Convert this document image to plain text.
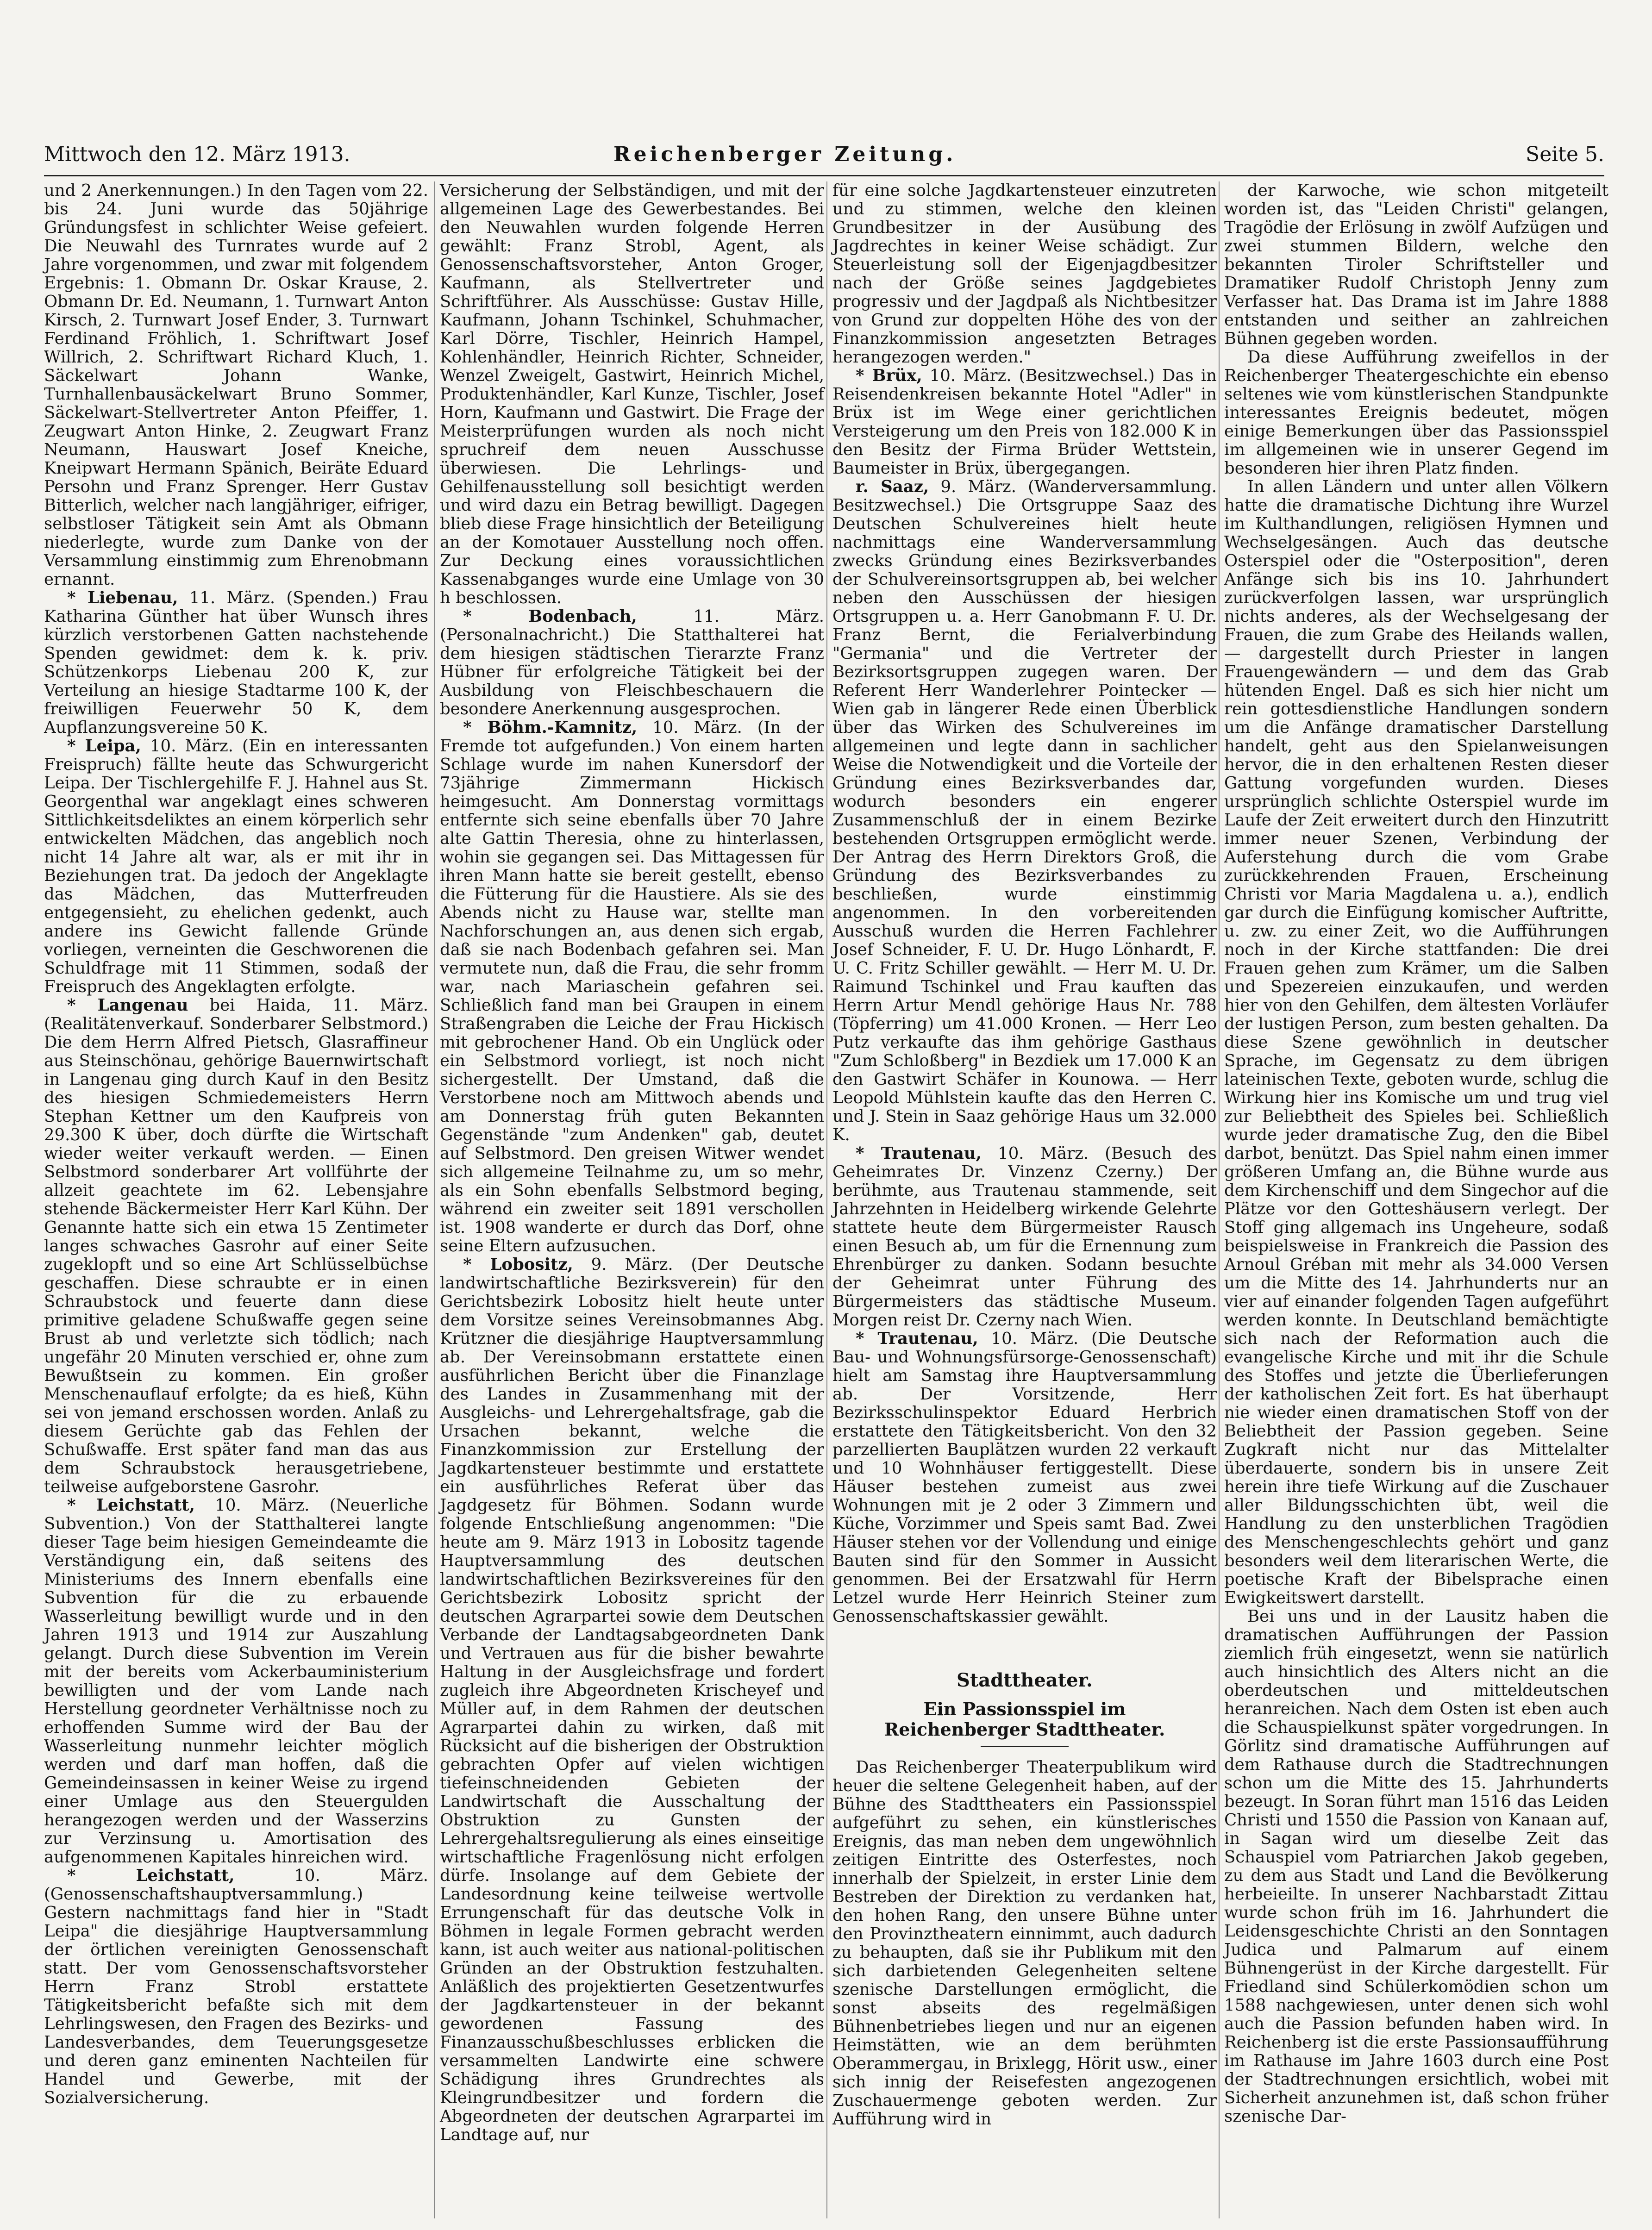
Mittwoch den 12. März 1913.	Reichenberger Zeitung.	Seite 5.

und 2 Anerkennungen.) In den Tagen vom 22. bis 24. Juni wurde das 50jährige Gründungsfest in schlichter Weise gefeiert. Die Neuwahl des Turnrates wurde auf 2 Jahre vorgenommen, und zwar mit folgendem Ergebnis: 1. Obmann Dr. Oskar Krause, 2. Obmann Dr. Ed. Neumann, 1. Turnwart Anton Kirsch, 2. Turnwart Josef Ender, 3. Turnwart Ferdinand Fröhlich, 1. Schriftwart Josef Willrich, 2. Schriftwart Richard Kluch, 1. Säckelwart Johann Wanke, Turnhallenbausäckelwart Bruno Sommer, Säckelwart-Stellvertreter Anton Pfeiffer, 1. Zeugwart Anton Hinke, 2. Zeugwart Franz Neumann, Hauswart Josef Kneiche, Kneipwart Hermann Spänich, Beiräte Eduard Persohn und Franz Sprenger. Herr Gustav Bitterlich, welcher nach langjähriger, eifriger, selbstloser Tätigkeit sein Amt als Obmann niederlegte, wurde zum Danke von der Versammlung einstimmig zum Ehrenobmann ernannt.

* Liebenau, 11. März. (Spenden.) Frau Katharina Günther hat über Wunsch ihres kürzlich verstorbenen Gatten nachstehende Spenden gewidmet: dem k. k. priv. Schützenkorps Liebenau 200 K, zur Verteilung an hiesige Stadtarme 100 K, der freiwilligen Feuerwehr 50 K, dem Aupflanzungsvereine 50 K.

* Leipa, 10. März. (Ein en interessanten Freispruch) fällte heute das Schwurgericht Leipa. Der Tischlergehilfe F. J. Hahnel aus St. Georgenthal war angeklagt eines schweren Sittlichkeitsdeliktes an einem körperlich sehr entwickelten Mädchen, das angeblich noch nicht 14 Jahre alt war, als er mit ihr in Beziehungen trat. Da jedoch der Angeklagte das Mädchen, das Mutterfreuden entgegensieht, zu ehelichen gedenkt, auch andere ins Gewicht fallende Gründe vorliegen, verneinten die Geschworenen die Schuldfrage mit 11 Stimmen, sodaß der Freispruch des Angeklagten erfolgte.

* Langenau bei Haida, 11. März. (Realitätenverkauf. Sonderbarer Selbstmord.) Die dem Herrn Alfred Pietsch, Glasraffineur aus Steinschönau, gehörige Bauernwirtschaft in Langenau ging durch Kauf in den Besitz des hiesigen Schmiedemeisters Herrn Stephan Kettner um den Kaufpreis von 29.300 K über, doch dürfte die Wirtschaft wieder weiter verkauft werden. — Einen Selbstmord sonderbarer Art vollführte der allzeit geachtete im 62. Lebensjahre stehende Bäckermeister Herr Karl Kühn. Der Genannte hatte sich ein etwa 15 Zentimeter langes schwaches Gasrohr auf einer Seite zugeklopft und so eine Art Schlüsselbüchse geschaffen. Diese schraubte er in einen Schraubstock und feuerte dann diese primitive geladene Schußwaffe gegen seine Brust ab und verletzte sich tödlich; nach ungefähr 20 Minuten verschied er, ohne zum Bewußtsein zu kommen. Ein großer Menschenauflauf erfolgte; da es hieß, Kühn sei von jemand erschossen worden. Anlaß zu diesem Gerüchte gab das Fehlen der Schußwaffe. Erst später fand man das aus dem Schraubstock herausgetriebene, teilweise aufgeborstene Gasrohr.

* Leichstatt, 10. März. (Neuerliche Subvention.) Von der Statthalterei langte dieser Tage beim hiesigen Gemeindeamte die Verständigung ein, daß seitens des Ministeriums des Innern ebenfalls eine Subvention für die zu erbauende Wasserleitung bewilligt wurde und in den Jahren 1913 und 1914 zur Auszahlung gelangt. Durch diese Subvention im Verein mit der bereits vom Ackerbauministerium bewilligten und der vom Lande nach Herstellung geordneter Verhältnisse noch zu erhoffenden Summe wird der Bau der Wasserleitung nunmehr leichter möglich werden und darf man hoffen, daß die Gemeindeinsassen in keiner Weise zu irgend einer Umlage aus den Steuergulden herangezogen werden und der Wasserzins zur Verzinsung u. Amortisation des aufgenommenen Kapitales hinreichen wird.

* Leichstatt,	10. März. (Genossenschaftshauptversammlung.) Gestern nachmittags fand hier in "Stadt Leipa" die diesjährige Hauptversammlung der örtlichen vereinigten Genossenschaft statt. Der vom Genossenschaftsvorsteher Herrn Franz Strobl erstattete Tätigkeitsbericht befaßte sich mit dem Lehrlingswesen, den Fragen des Bezirks- und Landesverbandes, dem Teuerungsgesetze und deren ganz eminenten Nachteilen für Handel und Gewerbe, mit der Sozialversicherung.

Versicherung der Selbständigen, und mit der allgemeinen Lage des Gewerbestandes. Bei den Neuwahlen wurden folgende Herren gewählt: Franz Strobl, Agent, als Genossenschaftsvorsteher, Anton Groger, Kaufmann, als Stellvertreter und Schriftführer. Als Ausschüsse: Gustav Hille, Kaufmann, Johann Tschinkel, Schuhmacher, Karl Dörre, Tischler, Heinrich Hampel, Kohlenhändler, Heinrich Richter, Schneider, Wenzel Zweigelt, Gastwirt, Heinrich Michel, Produktenhändler, Karl Kunze, Tischler, Josef Horn, Kaufmann und Gastwirt. Die Frage der Meisterprüfungen wurden als noch nicht spruchreif dem neuen Ausschusse überwiesen. Die Lehrlings- und Gehilfenausstellung soll besichtigt werden und wird dazu ein Betrag bewilligt. Dagegen blieb diese Frage hinsichtlich der Beteiligung an der Komotauer Ausstellung noch offen. Zur Deckung eines voraussichtlichen Kassenabganges wurde eine Umlage von 30 h beschlossen.

* Bodenbach,	11. März. (Personalnachricht.) Die Statthalterei hat dem hiesigen städtischen Tierarzte Franz Hübner für erfolgreiche Tätigkeit bei der Ausbildung von Fleischbeschauern die besondere Anerkennung ausgesprochen.

* Böhm.-Kamnitz, 10. März. (In der Fremde tot aufgefunden.) Von einem harten Schlage wurde im nahen Kunersdorf der 73jährige Zimmermann Hickisch heimgesucht. Am Donnerstag vormittags entfernte sich seine ebenfalls über 70 Jahre alte Gattin Theresia, ohne zu hinterlassen, wohin sie gegangen sei. Das Mittagessen für ihren Mann hatte sie bereit gestellt, ebenso die Fütterung für die Haustiere. Als sie des Abends nicht zu Hause war, stellte man Nachforschungen an, aus denen sich ergab, daß sie nach Bodenbach gefahren sei. Man vermutete nun, daß die Frau, die sehr fromm war, nach Mariaschein gefahren sei. Schließlich fand man bei Graupen in einem Straßengraben die Leiche der Frau Hickisch mit gebrochener Hand. Ob ein Unglück oder ein Selbstmord vorliegt, ist noch nicht sichergestellt. Der Umstand, daß die Verstorbene noch am Mittwoch abends und am Donnerstag früh guten Bekannten Gegenstände "zum Andenken" gab, deutet auf Selbstmord. Den greisen Witwer wendet sich allgemeine Teilnahme zu, um so mehr, als ein Sohn ebenfalls Selbstmord beging, während ein zweiter seit 1891 verschollen ist. 1908 wanderte er durch das Dorf, ohne seine Eltern aufzusuchen.

* Lobositz, 9. März. (Der Deutsche landwirtschaftliche Bezirksverein) für den Gerichtsbezirk Lobositz hielt heute unter dem Vorsitze seines Vereinsobmannes Abg. Krützner die diesjährige Hauptversammlung ab. Der Vereinsobmann erstattete einen ausführlichen Bericht über die Finanzlage des Landes in Zusammenhang mit der Ausgleichs- und Lehrergehaltsfrage, gab die Ursachen bekannt, welche die Finanzkommission zur Erstellung der Jagdkartensteuer bestimmte und erstattete ein ausführliches Referat über das Jagdgesetz für Böhmen. Sodann wurde folgende Entschließung angenommen: "Die heute am 9. März 1913 in Lobositz tagende Hauptversammlung des deutschen landwirtschaftlichen Bezirksvereines für den Gerichtsbezirk Lobositz spricht der deutschen Agrarpartei sowie dem Deutschen Verbande der Landtagsabgeordneten Dank und Vertrauen aus für die bisher bewahrte Haltung in der Ausgleichsfrage und fordert zugleich ihre Abgeordneten Krischeyef und Müller auf, in dem Rahmen der deutschen Agrarpartei dahin zu wirken, daß mit Rücksicht auf die bisherigen der Obstruktion gebrachten Opfer auf vielen wichtigen tiefeinschneidenden Gebieten der Landwirtschaft die Ausschaltung der Obstruktion zu Gunsten der Lehrergehaltsregulierung als eines einseitige wirtschaftliche Fragenlösung nicht erfolgen dürfe. Insolange auf dem Gebiete der Landesordnung keine teilweise wertvolle Errungenschaft für das deutsche Volk in Böhmen in legale Formen gebracht werden kann, ist auch weiter aus national-politischen Gründen an der Obstruktion festzuhalten. Anläßlich des projektierten Gesetzentwurfes der Jagdkartensteuer in der bekannt gewordenen Fassung des Finanzausschußbeschlusses erblicken die versammelten Landwirte eine schwere Schädigung ihres Grundrechtes als Kleingrundbesitzer und fordern die Abgeordneten der deutschen Agrarpartei im Landtage auf, nur

für eine solche Jagdkartensteuer einzutreten und zu stimmen, welche den kleinen Grundbesitzer in der Ausübung des Jagdrechtes in keiner Weise schädigt. Zur Steuerleistung soll der Eigenjagdbesitzer nach der Größe seines Jagdgebietes progressiv und der Jagdpaß als Nichtbesitzer von Grund zur doppelten Höhe des von der Finanzkommission angesetzten Betrages herangezogen werden."

* Brüx, 10. März. (Besitzwechsel.) Das in Reisendenkreisen bekannte Hotel "Adler" in Brüx ist im Wege einer gerichtlichen Versteigerung um den Preis von 182.000 K in den Besitz der Firma Brüder Wettstein, Baumeister in Brüx, übergegangen.

r. Saaz, 9. März. (Wanderversammlung. Besitzwechsel.) Die Ortsgruppe Saaz des Deutschen Schulvereines hielt heute nachmittags eine Wanderversammlung zwecks Gründung eines Bezirksverbandes der Schulvereinsortsgruppen ab, bei welcher neben den Ausschüssen der hiesigen Ortsgruppen u. a. Herr Ganobmann F. U. Dr. Franz Bernt, die Ferialverbindung "Germania" und die Vertreter der Bezirksortsgruppen zugegen waren. Der Referent Herr Wanderlehrer Pointecker — Wien gab in längerer Rede einen Überblick über das Wirken des Schulvereines im allgemeinen und legte dann in sachlicher Weise die Notwendigkeit und die Vorteile der Gründung eines Bezirksverbandes dar, wodurch besonders ein engerer Zusammenschluß der in einem Bezirke bestehenden Ortsgruppen ermöglicht werde. Der Antrag des Herrn Direktors Groß, die Gründung des Bezirksverbandes zu beschließen, wurde einstimmig angenommen. In den vorbereitenden Ausschuß wurden die Herren Fachlehrer Josef Schneider, F. U. Dr. Hugo Lönhardt, F. U. C. Fritz Schiller gewählt. — Herr M. U. Dr. Raimund Tschinkel und Frau kauften das Herrn Artur Mendl gehörige Haus Nr. 788 (Töpferring) um 41.000 Kronen. — Herr Leo Putz verkaufte das ihm gehörige Gasthaus "Zum Schloßberg" in Bezdiek um 17.000 K an den Gastwirt Schäfer in Kounowa. — Herr Leopold Mühlstein kaufte das den Herren C. und J. Stein in Saaz gehörige Haus um 32.000 K.

* Trautenau, 10. März. (Besuch des Geheimrates Dr. Vinzenz Czerny.) Der berühmte, aus Trautenau stammende, seit Jahrzehnten in Heidelberg wirkende Gelehrte stattete heute dem Bürgermeister Rausch einen Besuch ab, um für die Ernennung zum Ehrenbürger zu danken. Sodann besuchte der Geheimrat unter Führung des Bürgermeisters das städtische Museum. Morgen reist Dr. Czerny nach Wien.

* Trautenau, 10. März. (Die Deutsche Bau- und Wohnungsfürsorge-Genossenschaft) hielt am Samstag ihre Hauptversammlung ab. Der Vorsitzende, Herr Bezirksschulinspektor Eduard Herbrich erstattete den Tätigkeitsbericht. Von den 32 parzellierten Bauplätzen wurden 22 verkauft und 10 Wohnhäuser fertiggestellt. Diese Häuser bestehen zumeist aus zwei Wohnungen mit je 2 oder 3 Zimmern und Küche, Vorzimmer und Speis samt Bad. Zwei Häuser stehen vor der Vollendung und einige Bauten sind für den Sommer in Aussicht genommen. Bei der Ersatzwahl für Herrn Letzel wurde Herr Heinrich Steiner zum Genossenschaftskassier gewählt.

der Karwoche, wie schon mitgeteilt worden ist, das "Leiden Christi" gelangen, Tragödie der Erlösung in zwölf Aufzügen und zwei stummen Bildern, welche den bekannten Tiroler Schriftsteller und Dramatiker Rudolf Christoph Jenny zum Verfasser hat. Das Drama ist im Jahre 1888 entstanden und seither an zahlreichen Bühnen gegeben worden.

Da diese Aufführung zweifellos in der Reichenberger Theatergeschichte ein ebenso seltenes wie vom künstlerischen Standpunkte interessantes Ereignis bedeutet, mögen einige Bemerkungen über das Passionsspiel im allgemeinen wie in unserer Gegend im besonderen hier ihren Platz finden.

In allen Ländern und unter allen Völkern hatte die dramatische Dichtung ihre Wurzel im Kulthandlungen, religiösen Hymnen und Wechselgesängen. Auch das deutsche Osterspiel oder die "Osterposition", deren Anfänge sich bis ins 10. Jahrhundert zurückverfolgen lassen, war ursprünglich nichts anderes, als der Wechselgesang der Frauen, die zum Grabe des Heilands wallen, — dargestellt durch Priester in langen Frauengewändern — und dem das Grab hütenden Engel. Daß es sich hier nicht um rein gottesdienstliche Handlungen sondern um die Anfänge dramatischer Darstellung handelt, geht aus den Spielanweisungen hervor, die in den erhaltenen Resten dieser Gattung vorgefunden wurden. Dieses ursprünglich schlichte Osterspiel wurde im Laufe der Zeit erweitert durch den Hinzutritt immer neuer Szenen, Verbindung der Auferstehung durch die vom Grabe zurückkehrenden Frauen, Erscheinung Christi vor Maria Magdalena u. a.), endlich gar durch die Einfügung komischer Auftritte, u. zw. zu einer Zeit, wo die Aufführungen noch in der Kirche stattfanden: Die drei Frauen gehen zum Krämer, um die Salben und Spezereien einzukaufen, und werden hier von den Gehilfen, dem ältesten Vorläufer der lustigen Person, zum besten gehalten. Da diese Szene gewöhnlich in deutscher Sprache, im Gegensatz zu dem übrigen lateinischen Texte, geboten wurde, schlug die Wirkung hier ins Komische um und trug viel zur Beliebtheit des Spieles bei. Schließlich wurde jeder dramatische Zug, den die Bibel darbot, benützt. Das Spiel nahm einen immer größeren Umfang an, die Bühne wurde aus dem Kirchenschiff und dem Singechor auf die Plätze vor den Gotteshäusern verlegt. Der Stoff ging allgemach ins Ungeheure, sodaß beispielsweise in Frankreich die Passion des Arnoul Gréban mit mehr als 34.000 Versen um die Mitte des 14. Jahrhunderts nur an vier auf einander folgenden Tagen aufgeführt werden konnte. In Deutschland bemächtigte sich nach der Reformation auch die evangelische Kirche und mit ihr die Schule des Stoffes und jetzte die Überlieferungen der katholischen Zeit fort. Es hat überhaupt nie wieder einen dramatischen Stoff von der Beliebtheit der Passion gegeben. Seine Zugkraft nicht nur das Mittelalter überdauerte, sondern bis in unsere Zeit herein ihre tiefe Wirkung auf die Zuschauer aller Bildungsschichten übt, weil die Handlung zu den unsterblichen Tragödien des Menschengeschlechts gehört und ganz besonders weil dem literarischen Werte, die poetische Kraft der Bibelsprache einen Ewigkeitswert darstellt.

Bei uns und in der Lausitz haben die dramatischen Aufführungen der Passion ziemlich früh eingesetzt, wenn sie natürlich auch hinsichtlich des Alters nicht an die oberdeutschen und mitteldeutschen heranreichen. Nach dem Osten ist eben auch die Schauspielkunst später vorgedrungen. In Görlitz sind dramatische Aufführungen auf dem Rathause durch die Stadtrechnungen schon um die Mitte des 15. Jahrhunderts bezeugt. In Soran führt man 1516 das Leiden Christi und 1550 die Passion von Kanaan auf, in Sagan wird um dieselbe Zeit das Schauspiel vom Patriarchen Jakob gegeben, zu dem aus Stadt und Land die Bevölkerung herbeieilte. In unserer Nachbarstadt Zittau wurde schon früh im 16. Jahrhundert die Leidensgeschichte Christi an den Sonntagen Judica und Palmarum auf einem Bühnengerüst in der Kirche dargestellt. Für Friedland sind Schülerkomödien schon um 1588 nachgewiesen, unter denen sich wohl auch die Passion befunden haben wird. In Reichenberg ist die erste Passionsaufführung im Rathause im Jahre 1603 durch eine Post der Stadtrechnungen ersichtlich, wobei mit Sicherheit anzunehmen ist, daß schon früher szenische Dar-

Stadttheater.
Ein Passionsspiel im
Reichenberger Stadttheater.

Das Reichenberger Theaterpublikum wird heuer die seltene Gelegenheit haben, auf der Bühne des Stadttheaters ein Passionsspiel aufgeführt zu sehen, ein künstlerisches Ereignis, das man neben dem ungewöhnlich zeitigen Eintritte des Osterfestes, noch innerhalb der Spielzeit, in erster Linie dem Bestreben der Direktion zu verdanken hat, den hohen Rang, den unsere Bühne unter den Provinztheatern einnimmt, auch dadurch zu behaupten, daß sie ihr Publikum mit den sich darbietenden Gelegenheiten seltene szenische Darstellungen ermöglicht, die sonst abseits des regelmäßigen Bühnenbetriebes liegen und nur an eigenen Heimstätten, wie an dem berühmten Oberammergau, in Brixlegg, Hörit usw., einer sich innig der Reisefesten angezogenen Zuschauermenge geboten werden. Zur Aufführung wird in
